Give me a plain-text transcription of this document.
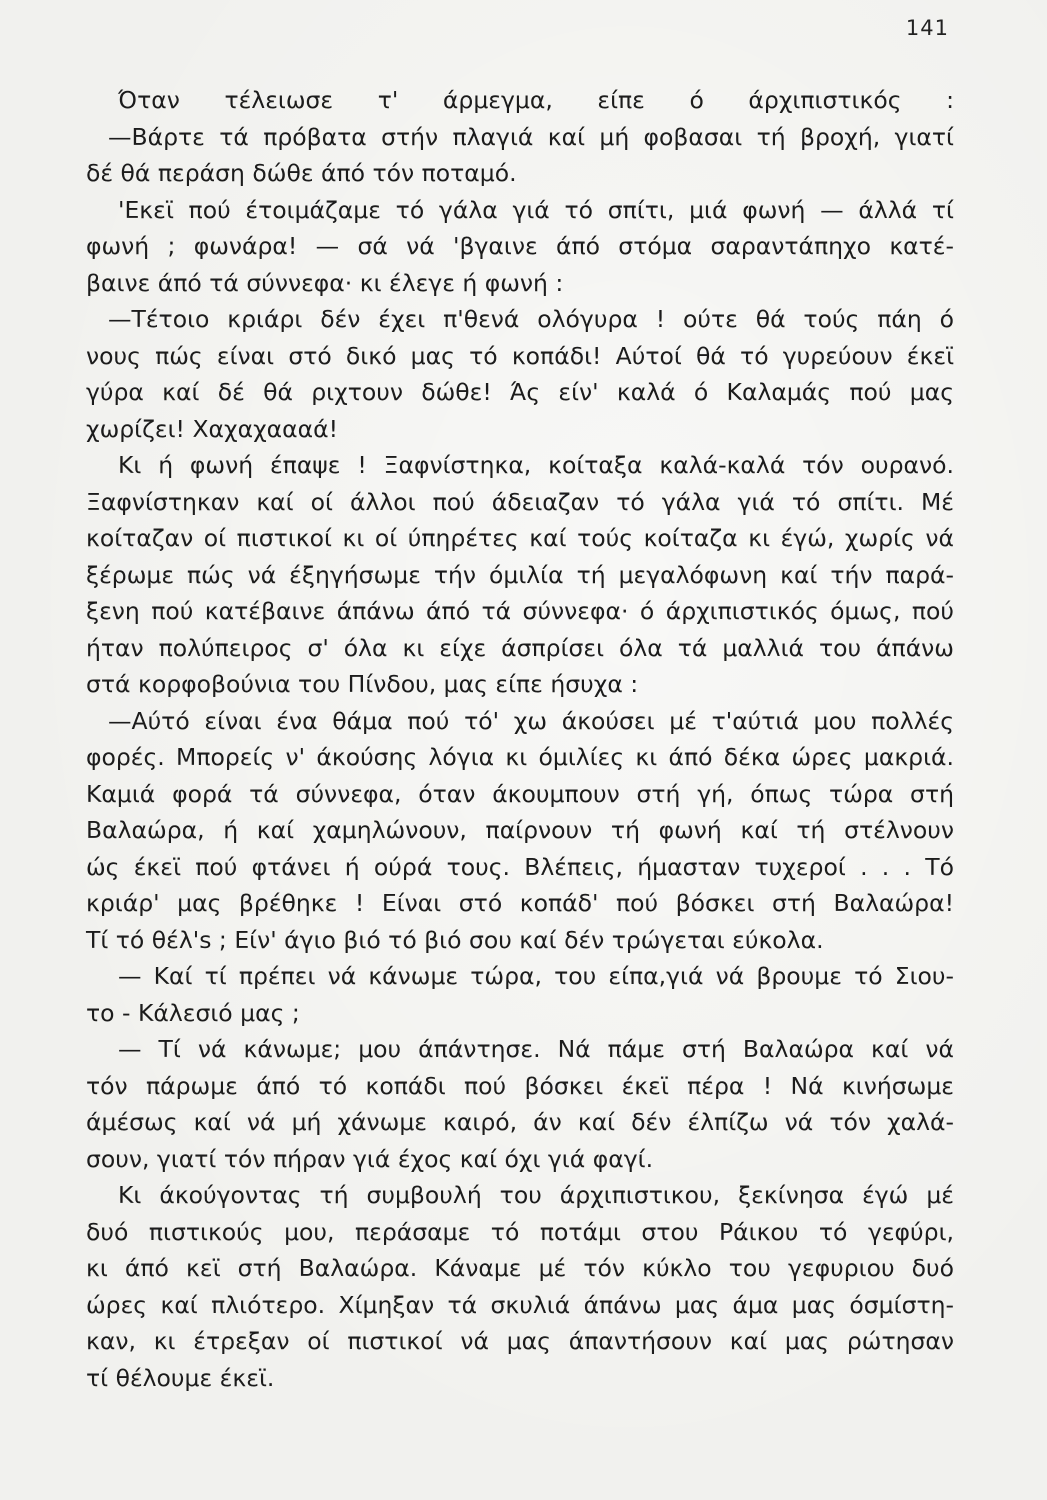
141
Όταν τέλειωσε τ' άρμεγμα, είπε ό άρχιπιστικός :
—Βάρτε τά πρόβατα στήν πλαγιά καί μή φοβασαι τή βροχή, γιατί
δέ θά περάση δώθε άπό τόν ποταμό.
'Εκεϊ πού έτοιμάζαμε τό γάλα γιά τό σπίτι, μιά φωνή — άλλά τί
φωνή ; φωνάρα! — σά νά 'βγαινε άπό στόμα σαραντάπηχο κατέ-
βαινε άπό τά σύννεφα· κι έλεγε ή φωνή :
—Τέτοιο κριάρι δέν έχει π'θενά ολόγυρα ! ούτε θά τούς πάη ό
νους πώς είναι στό δικό μας τό κοπάδι! Αύτοί θά τό γυρεύουν έκεϊ
γύρα καί δέ θά ριχτουν δώθε! Άς είν' καλά ό Καλαμάς πού μας
χωρίζει! Χαχαχαααά!
Κι ή φωνή έπαψε ! Ξαφνίστηκα, κοίταξα καλά-καλά τόν ουρανό.
Ξαφνίστηκαν καί οί άλλοι πού άδειαζαν τό γάλα γιά τό σπίτι. Μέ
κοίταζαν οί πιστικοί κι οί ύπηρέτες καί τούς κοίταζα κι έγώ, χωρίς νά
ξέρωμε πώς νά έξηγήσωμε τήν όμιλία τή μεγαλόφωνη καί τήν παρά-
ξενη πού κατέβαινε άπάνω άπό τά σύννεφα· ό άρχιπιστικός όμως, πού
ήταν πολύπειρος σ' όλα κι είχε άσπρίσει όλα τά μαλλιά του άπάνω
στά κορφοβούνια του Πίνδου, μας είπε ήσυχα :
—Αύτό είναι ένα θάμα πού τό' χω άκούσει μέ τ'αύτιά μου πολλές
φορές. Μπορείς ν' άκούσης λόγια κι όμιλίες κι άπό δέκα ώρες μακριά.
Καμιά φορά τά σύννεφα, όταν άκουμπουν στή γή, όπως τώρα στή
Βαλαώρα, ή καί χαμηλώνουν, παίρνουν τή φωνή καί τή στέλνουν
ώς έκεϊ πού φτάνει ή ούρά τους. Βλέπεις, ήμασταν τυχεροί . . . Τό
κριάρ' μας βρέθηκε ! Είναι στό κοπάδ' πού βόσκει στή Βαλαώρα!
Τί τό θέλ's ; Είν' άγιο βιό τό βιό σου καί δέν τρώγεται εύκολα.
— Καί τί πρέπει νά κάνωμε τώρα, του είπα,γιά νά βρουμε τό Σιου-
το - Κάλεσιό μας ;
— Τί νά κάνωμε; μου άπάντησε. Νά πάμε στή Βαλαώρα καί νά
τόν πάρωμε άπό τό κοπάδι πού βόσκει έκεϊ πέρα ! Νά κινήσωμε
άμέσως καί νά μή χάνωμε καιρό, άν καί δέν έλπίζω νά τόν χαλά-
σουν, γιατί τόν πήραν γιά έχος καί όχι γιά φαγί.
Κι άκούγοντας τή συμβουλή του άρχιπιστικου, ξεκίνησα έγώ μέ
δυό πιστικούς μου, περάσαμε τό ποτάμι στου Ράικου τό γεφύρι,
κι άπό κεϊ στή Βαλαώρα. Κάναμε μέ τόν κύκλο του γεφυριου δυό
ώρες καί πλιότερο. Χίμηξαν τά σκυλιά άπάνω μας άμα μας όσμίστη-
καν, κι έτρεξαν οί πιστικοί νά μας άπαντήσουν καί μας ρώτησαν
τί θέλουμε έκεϊ.
